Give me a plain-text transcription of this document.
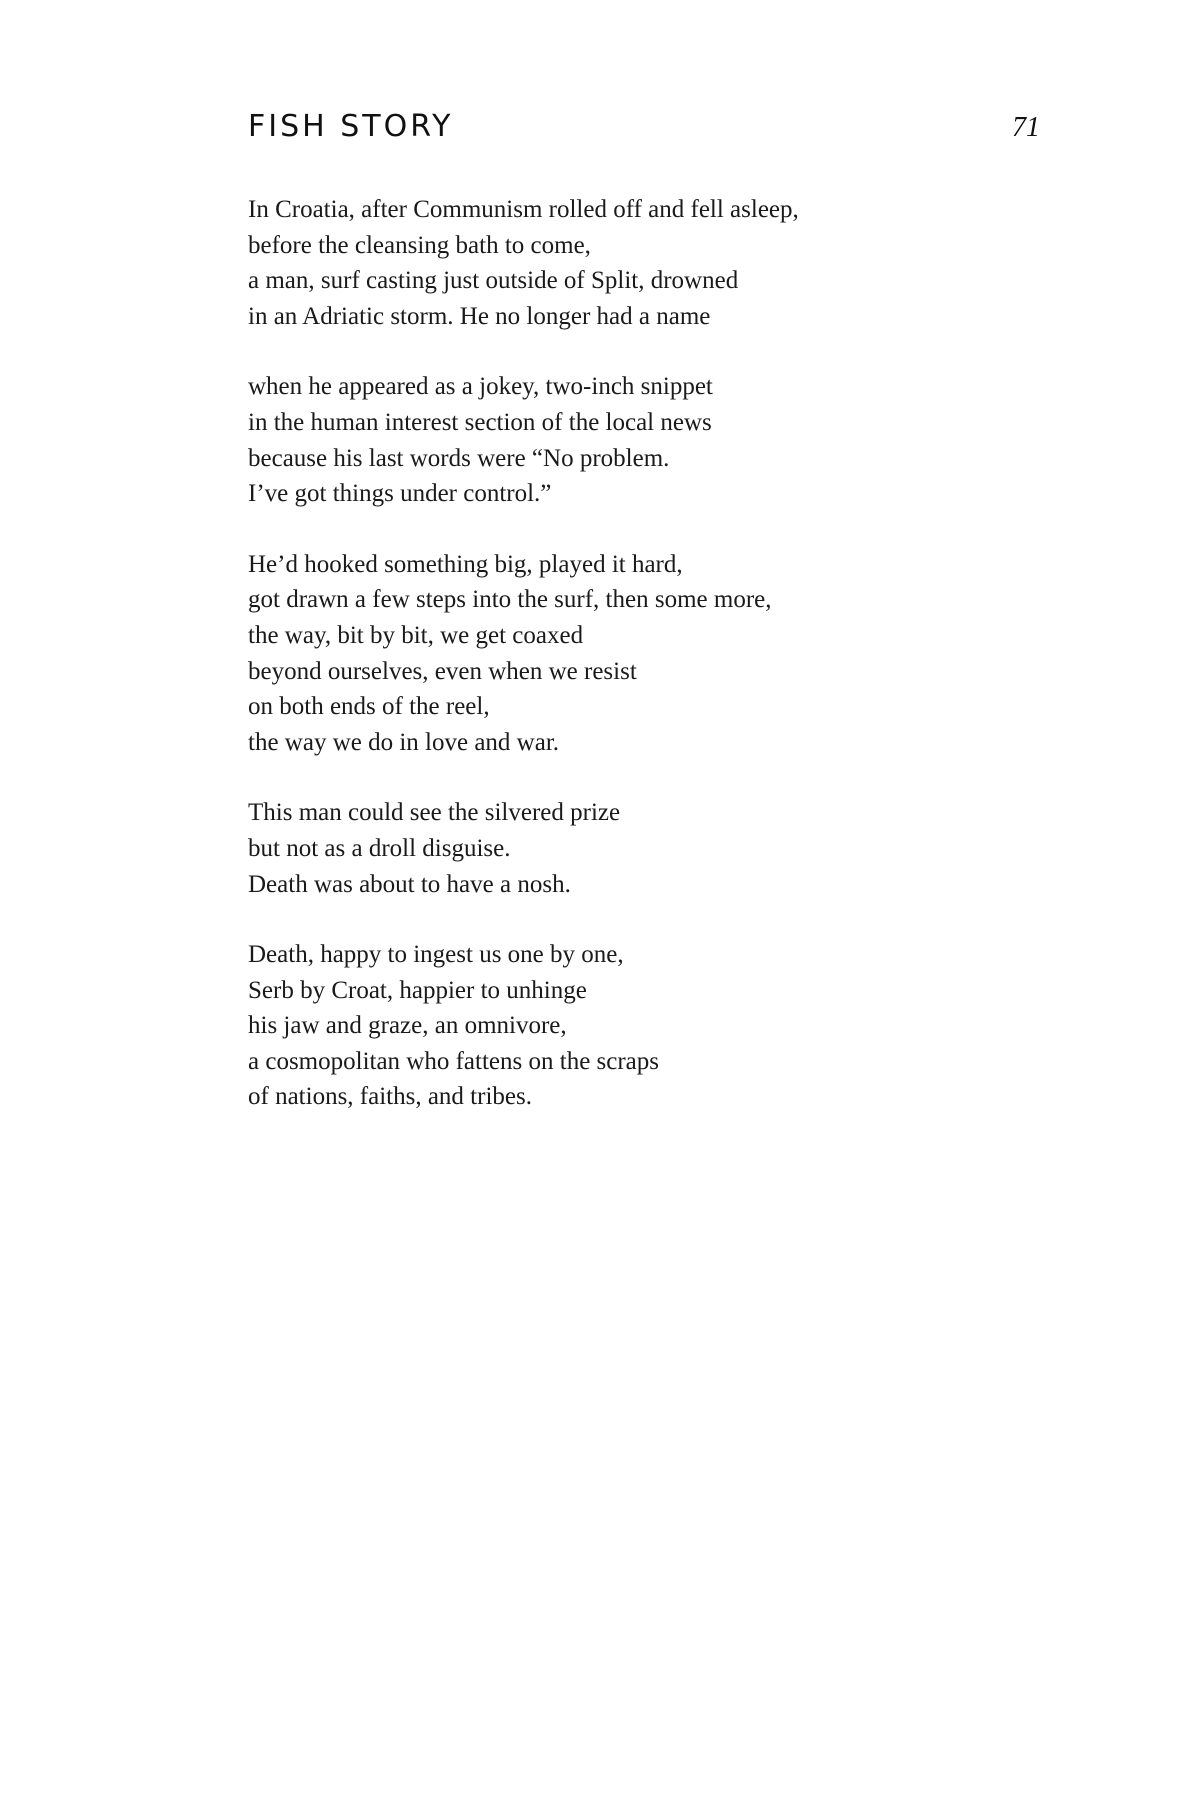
FISH STORY	71
In Croatia, after Communism rolled off and fell asleep,
before the cleansing bath to come,
a man, surf casting just outside of Split, drowned
in an Adriatic storm. He no longer had a name
when he appeared as a jokey, two-inch snippet
in the human interest section of the local news
because his last words were “No problem.
I’ve got things under control.”
He’d hooked something big, played it hard,
got drawn a few steps into the surf, then some more,
the way, bit by bit, we get coaxed
beyond ourselves, even when we resist
on both ends of the reel,
the way we do in love and war.
This man could see the silvered prize
but not as a droll disguise.
Death was about to have a nosh.
Death, happy to ingest us one by one,
Serb by Croat, happier to unhinge
his jaw and graze, an omnivore,
a cosmopolitan who fattens on the scraps
of nations, faiths, and tribes.
